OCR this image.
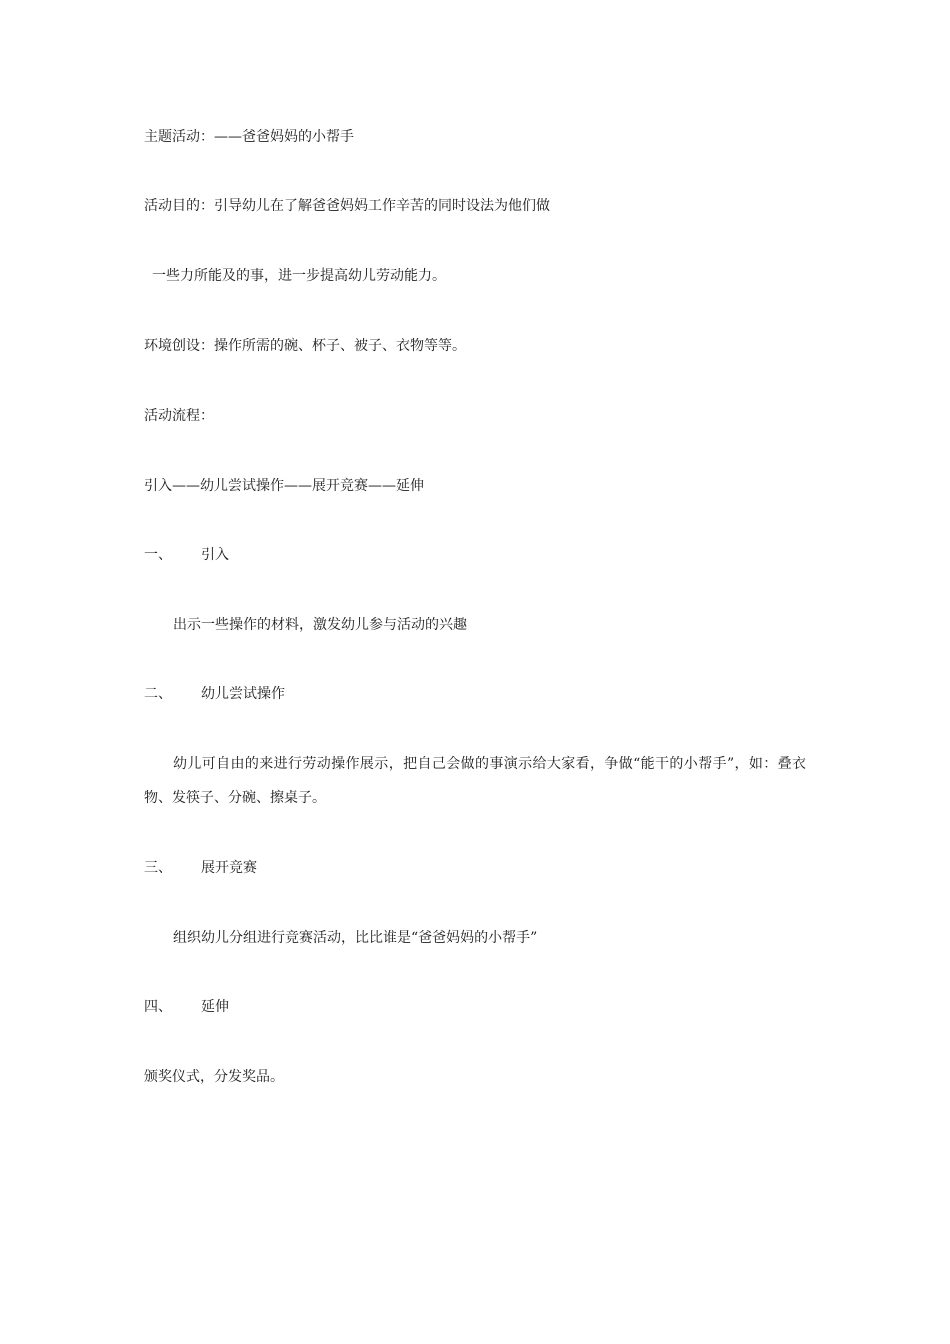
主题活动：——爸爸妈妈的小帮手
活动目的：引导幼儿在了解爸爸妈妈工作辛苦的同时设法为他们做
一些力所能及的事，进一步提高幼儿劳动能力。
环境创设：操作所需的碗、杯子、被子、衣物等等。
活动流程：
引入——幼儿尝试操作——展开竞赛——延伸
一、 引入
出示一些操作的材料，激发幼儿参与活动的兴趣
二、 幼儿尝试操作
幼儿可自由的来进行劳动操作展示，把自己会做的事演示给大家看，争做“能干的小帮手”，如：叠衣物、发筷子、分碗、擦桌子。
三、 展开竞赛
组织幼儿分组进行竞赛活动，比比谁是“爸爸妈妈的小帮手”
四、 延伸
颁奖仪式，分发奖品。
